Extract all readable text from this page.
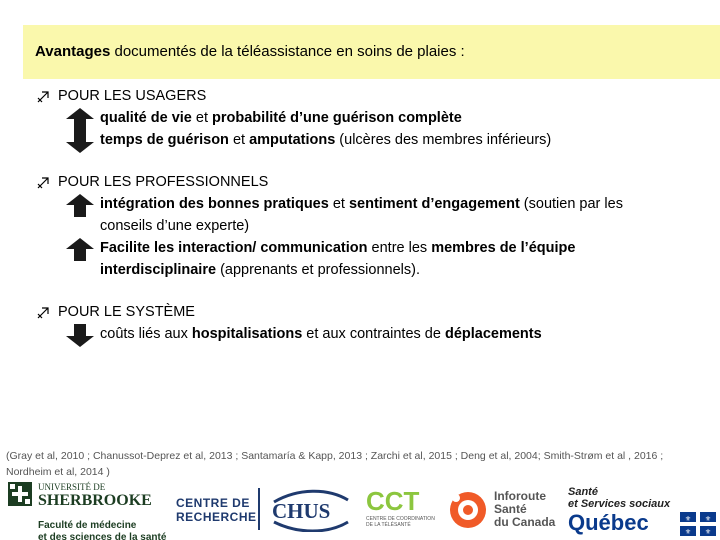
Avantages documentés de la téléassistance en soins de plaies :
POUR LES USAGERS
qualité de vie et probabilité d’une guérison complète
temps de guérison et amputations (ulcères des membres inférieurs)
POUR LES PROFESSIONNELS
intégration des bonnes pratiques et sentiment d’engagement (soutien par les
conseils d’une experte)
Facilite les interaction/ communication entre les membres de l’équipe
interdisciplinaire (apprenants et professionnels).
POUR LE SYSTÈME
coûts liés aux hospitalisations et aux contraintes de déplacements
(Gray et al, 2010 ; Chanussot-Deprez et al, 2013 ; Santamaría & Kapp, 2013 ; Zarchi et al, 2015 ; Deng et al, 2004; Smith-Strøm et al , 2016 ;
Nordheim et al, 2014 )
UNIVERSITÉ DE
SHERBROOKE
Faculté de médecine
et des sciences de la santé
CENTRE DE
RECHERCHE CHUS CCT
CENTRE DE COORDINATION
DE LA TÉLÉSANTÉ
Inforoute
Santé
du Canada
Santé
et Services sociaux
Québec	⚜ ⚜
⚜ ⚜
